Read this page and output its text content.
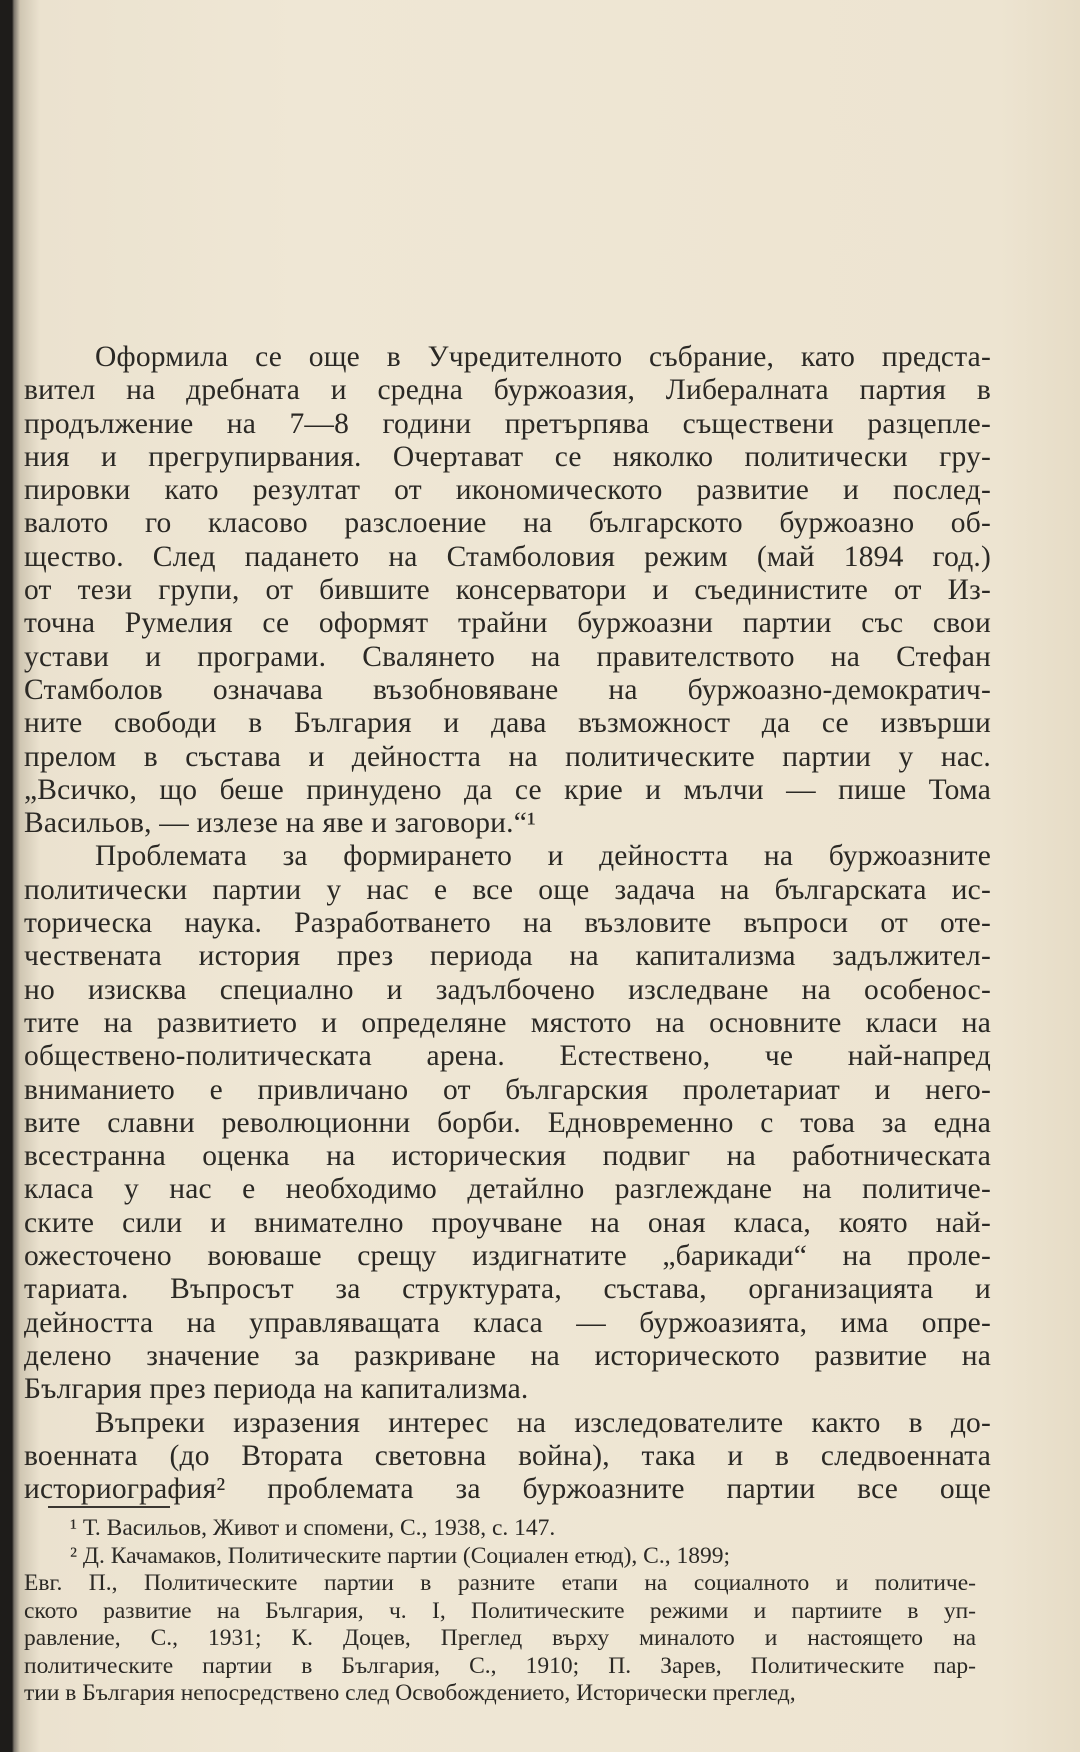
Оформила се още в Учредителното събрание, като предста-
вител на дребната и средна буржоазия, Либералната партия в
продължение на 7—8 години претърпява съществени разцепле-
ния и прегрупирвания. Очертават се няколко политически гру-
пировки като резултат от икономическото развитие и послед-
валото го класово разслоение на българското буржоазно об-
щество. След падането на Стамболовия режим (май 1894 год.)
от тези групи, от бившите консерватори и съединистите от Из-
точна Румелия се оформят трайни буржоазни партии със свои
устави и програми. Свалянето на правителството на Стефан
Стамболов означава възобновяване на буржоазно-демократич-
ните свободи в България и дава възможност да се извърши
прелом в състава и дейността на политическите партии у нас.
„Всичко, що беше принудено да се крие и мълчи — пише Тома
Васильов, — излезе на яве и заговори.“¹
Проблемата за формирането и дейността на буржоазните
политически партии у нас е все още задача на българската ис-
торическа наука. Разработването на възловите въпроси от оте-
чествената история през периода на капитализма задължител-
но изисква специално и задълбочено изследване на особенос-
тите на развитието и определяне мястото на основните класи на
обществено-политическата арена. Естествено, че най-напред
вниманието е привличано от българския пролетариат и него-
вите славни революционни борби. Едновременно с това за една
всестранна оценка на историческия подвиг на работническата
класа у нас е необходимо детайлно разглеждане на политиче-
ските сили и внимателно проучване на оная класа, която най-
ожесточено воюваше срещу издигнатите „барикади“ на проле-
тариата. Въпросът за структурата, състава, организацията и
дейността на управляващата класа — буржоазията, има опре-
делено значение за разкриване на историческото развитие на
България през периода на капитализма.
Въпреки изразения интерес на изследователите както в до-
военната (до Втората световна война), така и в следвоенната
историография² проблемата за буржоазните партии все още
¹ Т. Васильов, Живот и спомени, С., 1938, с. 147.
² Д. Качамаков, Политическите партии (Социален етюд), С., 1899;
Евг. П., Политическите партии в разните етапи на социалното и политиче-
ското развитие на България, ч. I, Политическите режими и партиите в уп-
равление, С., 1931; К. Доцев, Преглед върху миналото и настоящето на
политическите партии в България, С., 1910; П. Зарев, Политическите пар-
тии в България непосредствено след Освобождението, Исторически преглед,
